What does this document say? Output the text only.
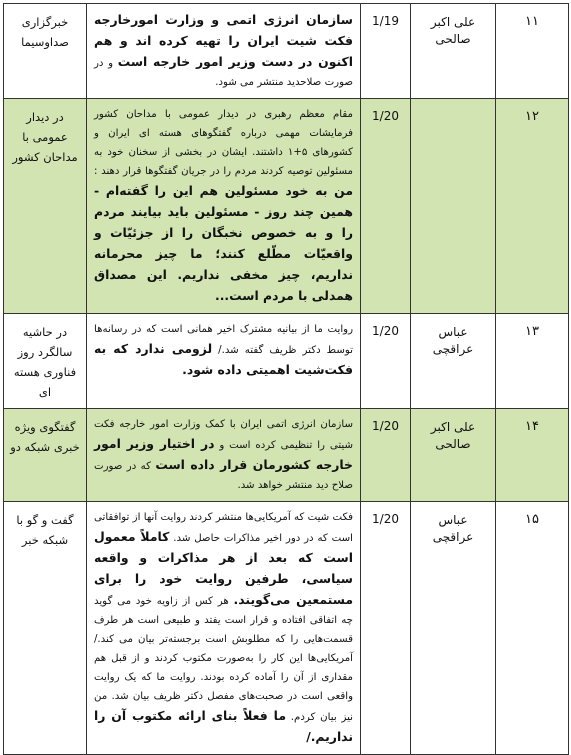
۱۱	علی اکبر صالحی	1/19	سازمان انرژی اتمی و وزارت امورخارجه فکت شیت ایران را تهیه کرده اند و هم اکنون در دست وزیر امور خارجه است و در صورت صلاحدید منتشر می شود.	خبرگزاری صداوسیما
۱۲		1/20	مقام معظم رهبری در دیدار عمومی با مداحان کشور فرمایشات مهمی درباره گفتگوهای هسته ای ایران و کشورهای ۵+۱ داشتند. ایشان در بخشی از سخنان خود به مسئولین توصیه کردند مردم را در جریان گفتگوها قرار دهند : من به خود مسئولین هم این را گفته‌ام - همین چند روز - مسئولین باید بیایند مردم را و به خصوص نخبگان را از جزئیّات و واقعیّات مطّلع کنند؛ ما چیز محرمانه نداریم، چیز مخفی نداریم. این مصداق همدلی با مردم است...	در دیدار عمومی با مداحان کشور
۱۳	عباس عراقچی	1/20	روایت ما از بیانیه مشترک اخیر همانی است که در رسانه‌ها توسط دکتر ظریف گفته شد./ لزومی ندارد که به فکت‌شیت اهمیتی داده شود.	در حاشیه سالگرد روز فناوری هسته ای
۱۴	علی اکبر صالحی	1/20	سازمان انرژی اتمی ایران با کمک وزارت امور خارجه فکت شیتی را تنظیمی کرده است و در اختیار وزیر امور خارجه کشورمان قرار داده است که در صورت صلاح دید منتشر خواهد شد.	گفتگوی ویژه خبری شبکه دو
۱۵	عباس عراقچی	1/20	فکت شیت که آمریکایی‌ها منتشر کردند روایت آنها از توافقاتی است که در دور اخیر مذاکرات حاصل شد. کاملاً معمول است که بعد از هر مذاکرات و واقعه سیاسی، طرفین روایت خود را برای مستمعین می‌گویند. هر کس از زاویه خود می گوید چه اتفاقی افتاده و قرار است یفتد و طبیعی است هر طرف قسمت‌هایی را که مطلوبش است برجسته‌تر بیان می کند./ آمریکایی‌ها این کار را به‌صورت مکتوب کردند و از قبل هم مقداری از آن را آماده کرده بودند. روایت ما که یک روایت واقعی است در صحبت‌های مفصل دکتر ظریف بیان شد. من نیز بیان کردم. ما فعلاً بنای ارائه مکتوب آن را نداریم./	گفت و گو با شبکه خبر
